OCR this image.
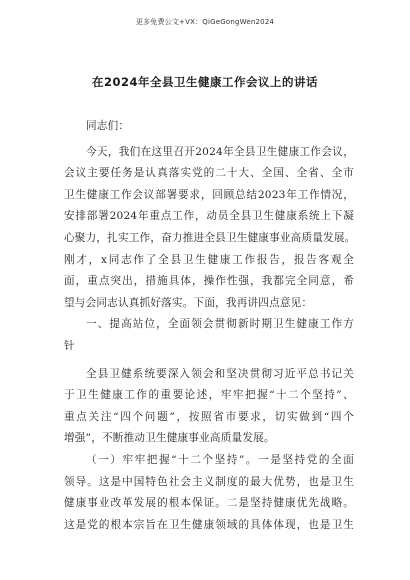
更多免费公文+VX：QiGeGongWen2024
在2024年全县卫生健康工作会议上的讲话
同志们：
今天，我们在这里召开2024年全县卫生健康工作会议，
会议主要任务是认真落实党的二十大、全国、全省、全市
卫生健康工作会议部署要求，回顾总结2023年工作情况，
安排部署2024年重点工作，动员全县卫生健康系统上下凝
心聚力，扎实工作，奋力推进全县卫生健康事业高质量发展。
刚才，x同志作了全县卫生健康工作报告，报告客观全
面，重点突出，措施具体，操作性强，我都完全同意，希
望与会同志认真抓好落实。下面，我再讲四点意见：
一、提高站位，全面领会贯彻新时期卫生健康工作方
针
全县卫健系统要深入领会和坚决贯彻习近平总书记关
于卫生健康工作的重要论述，牢牢把握“十二个坚持”、
重点关注“四个问题”，按照省市要求，切实做到“四个
增强”，不断推动卫生健康事业高质量发展。
（一）牢牢把握“十二个坚持”。一是坚持党的全面
领导。这是中国特色社会主义制度的最大优势，也是卫生
健康事业改革发展的根本保证。二是坚持健康优先战略。
这是党的根本宗旨在卫生健康领域的具体体现，也是卫生
